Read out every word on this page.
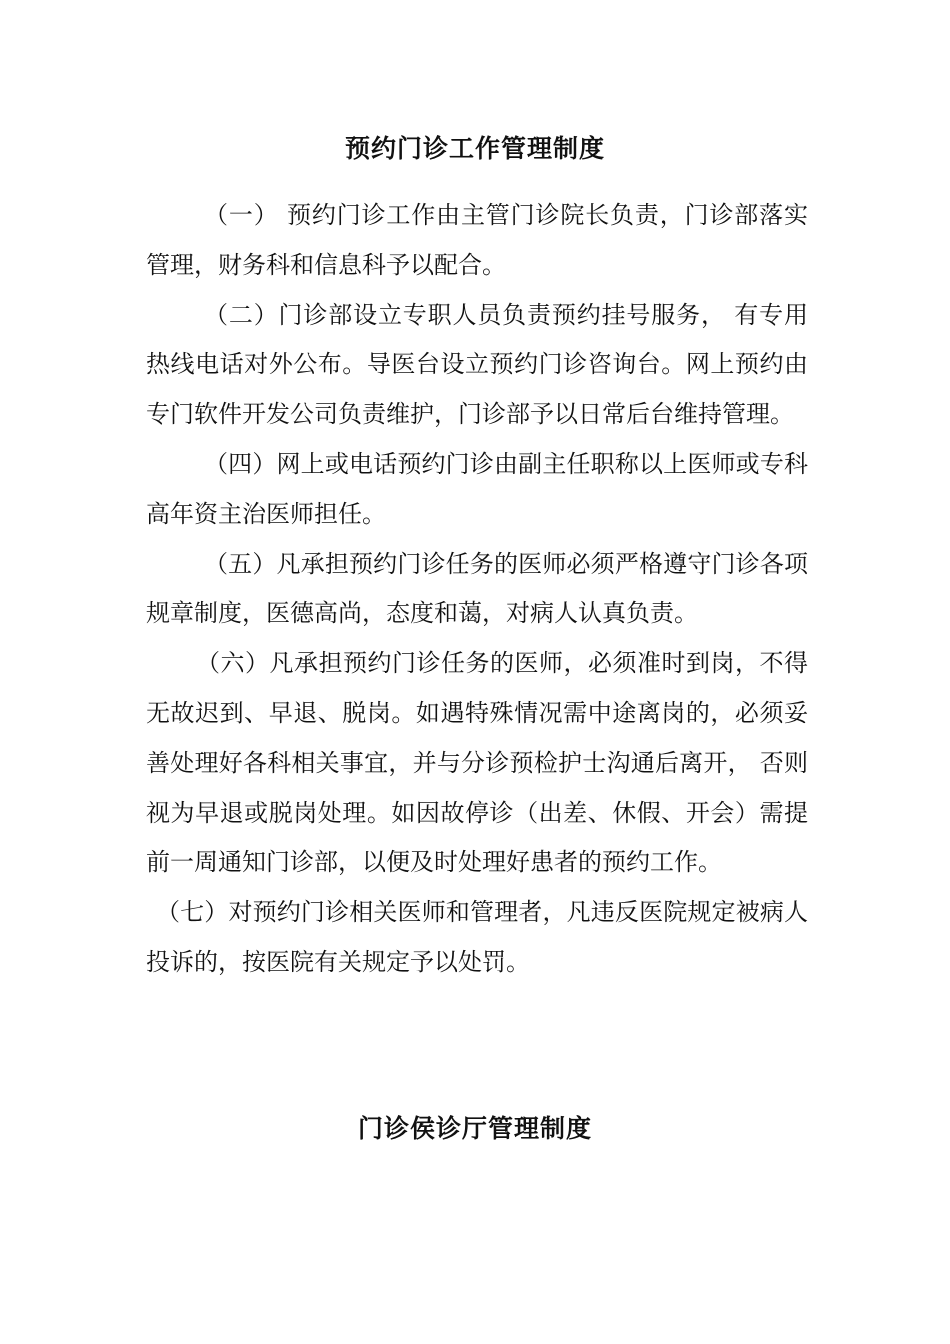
预约门诊工作管理制度

（一） 预约门诊工作由主管门诊院长负责，门诊部落实管理，财务科和信息科予以配合。

（二）门诊部设立专职人员负责预约挂号服务， 有专用热线电话对外公布。导医台设立预约门诊咨询台。网上预约由专门软件开发公司负责维护，门诊部予以日常后台维持管理。

（四）网上或电话预约门诊由副主任职称以上医师或专科高年资主治医师担任。

（五）凡承担预约门诊任务的医师必须严格遵守门诊各项规章制度，医德高尚，态度和蔼，对病人认真负责。

（六）凡承担预约门诊任务的医师，必须准时到岗，不得无故迟到、早退、脱岗。如遇特殊情况需中途离岗的，必须妥善处理好各科相关事宜，并与分诊预检护士沟通后离开， 否则视为早退或脱岗处理。如因故停诊（出差、休假、开会）需提前一周通知门诊部，以便及时处理好患者的预约工作。

（七）对预约门诊相关医师和管理者，凡违反医院规定被病人投诉的，按医院有关规定予以处罚。

门诊侯诊厅管理制度
